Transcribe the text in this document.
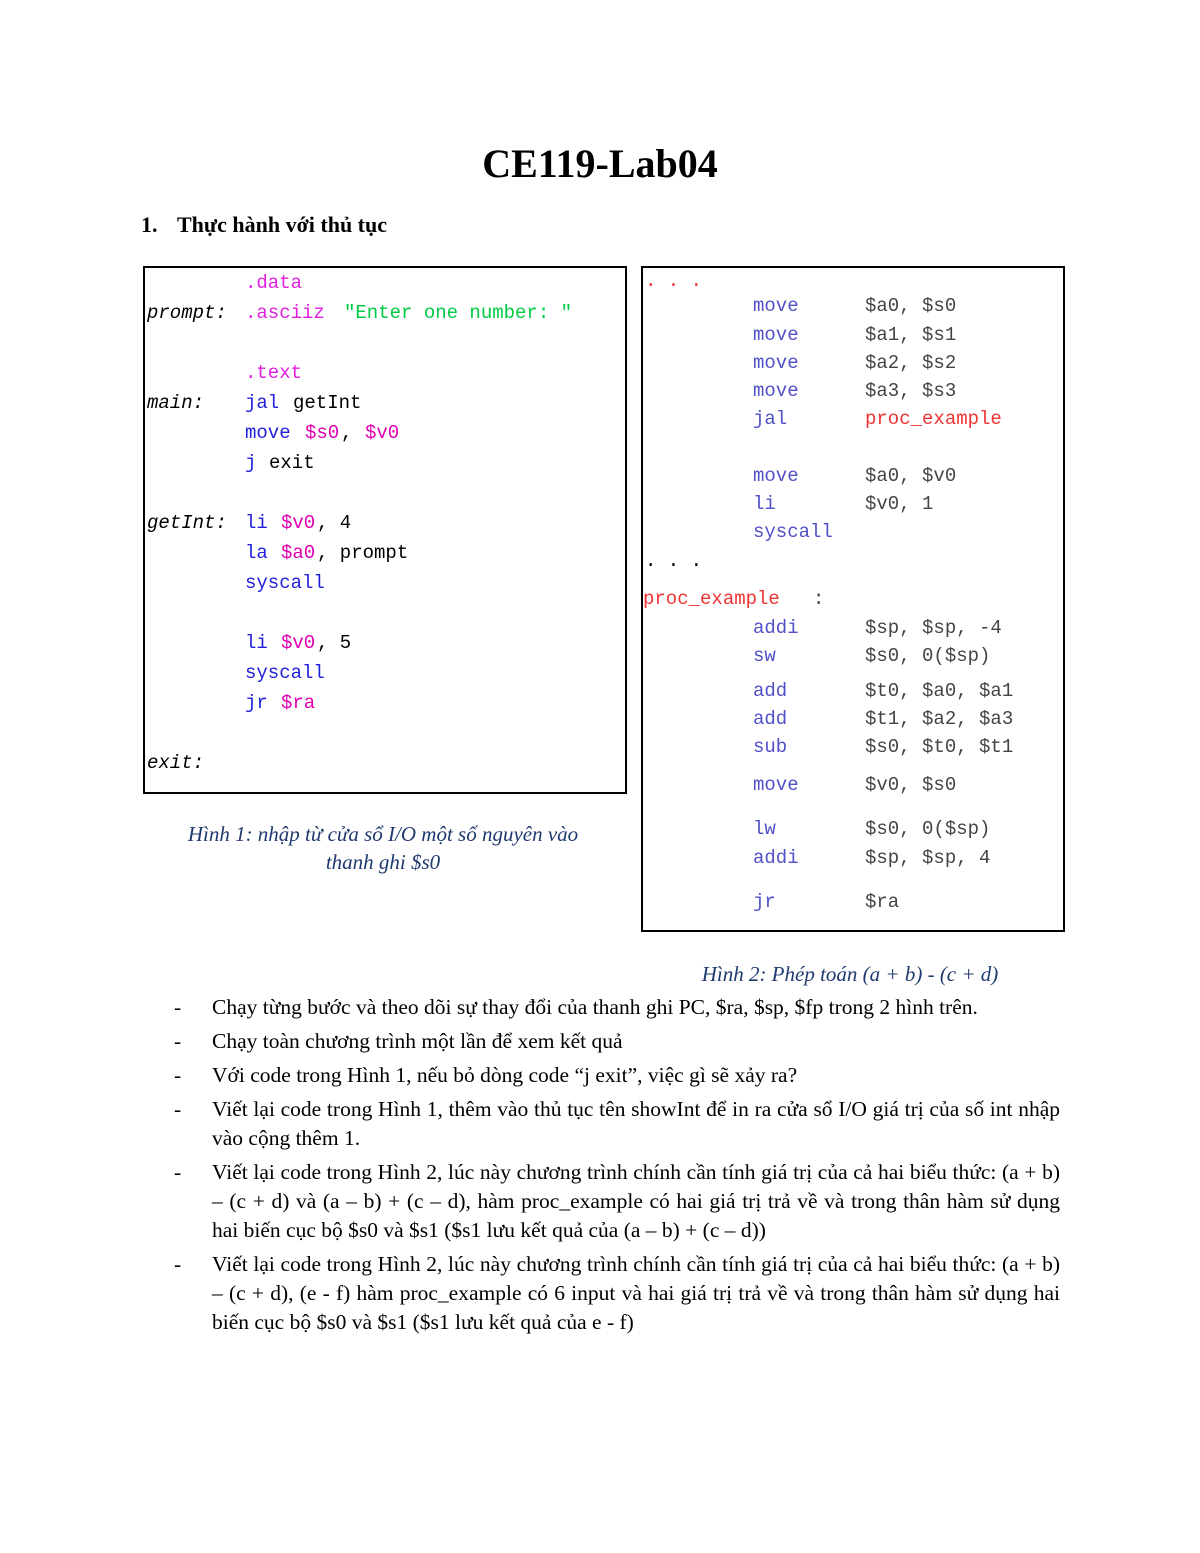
CE119-Lab04
1. Thực hành với thủ tục
.data
prompt: .asciiz "Enter one number: "
.text
main: jal getInt
move $s0 , $v0
j exit
getInt: li $v0 , 4
la $a0 , prompt
syscall
li $v0 , 5
syscall
jr $ra
exit:
Hình 1: nhập từ cửa sổ I/O một số nguyên vào
thanh ghi $s0
. . .
move	$a0, $s0
move	$a1, $s1
move	$a2, $s2
move	$a3, $s3
jal	proc_example
move	$a0, $v0
li	$v0, 1
syscall
. . .
proc_example :
addi	$sp, $sp, -4
sw	$s0, 0($sp)
add	$t0, $a0, $a1
add	$t1, $a2, $a3
sub	$s0, $t0, $t1
move	$v0, $s0
lw	$s0, 0($sp)
addi	$sp, $sp, 4
jr	$ra
Hình 2: Phép toán (a + b) - (c + d)
- Chạy từng bước và theo dõi sự thay đổi của thanh ghi PC, $ra, $sp, $fp trong 2 hình trên.
- Chạy toàn chương trình một lần để xem kết quả
- Với code trong Hình 1, nếu bỏ dòng code “j exit”, việc gì sẽ xảy ra?
- Viết lại code trong Hình 1, thêm vào thủ tục tên showInt để in ra cửa sổ I/O giá trị của số int nhập vào cộng thêm 1.
- Viết lại code trong Hình 2, lúc này chương trình chính cần tính giá trị của cả hai biểu thức: (a + b) – (c + d) và (a – b) + (c – d), hàm proc_example có hai giá trị trả về và trong thân hàm sử dụng hai biến cục bộ $s0 và $s1 ($s1 lưu kết quả của (a – b) + (c – d))
- Viết lại code trong Hình 2, lúc này chương trình chính cần tính giá trị của cả hai biểu thức: (a + b) – (c + d), (e - f) hàm proc_example có 6 input và hai giá trị trả về và trong thân hàm sử dụng hai biến cục bộ $s0 và $s1 ($s1 lưu kết quả của e - f)
